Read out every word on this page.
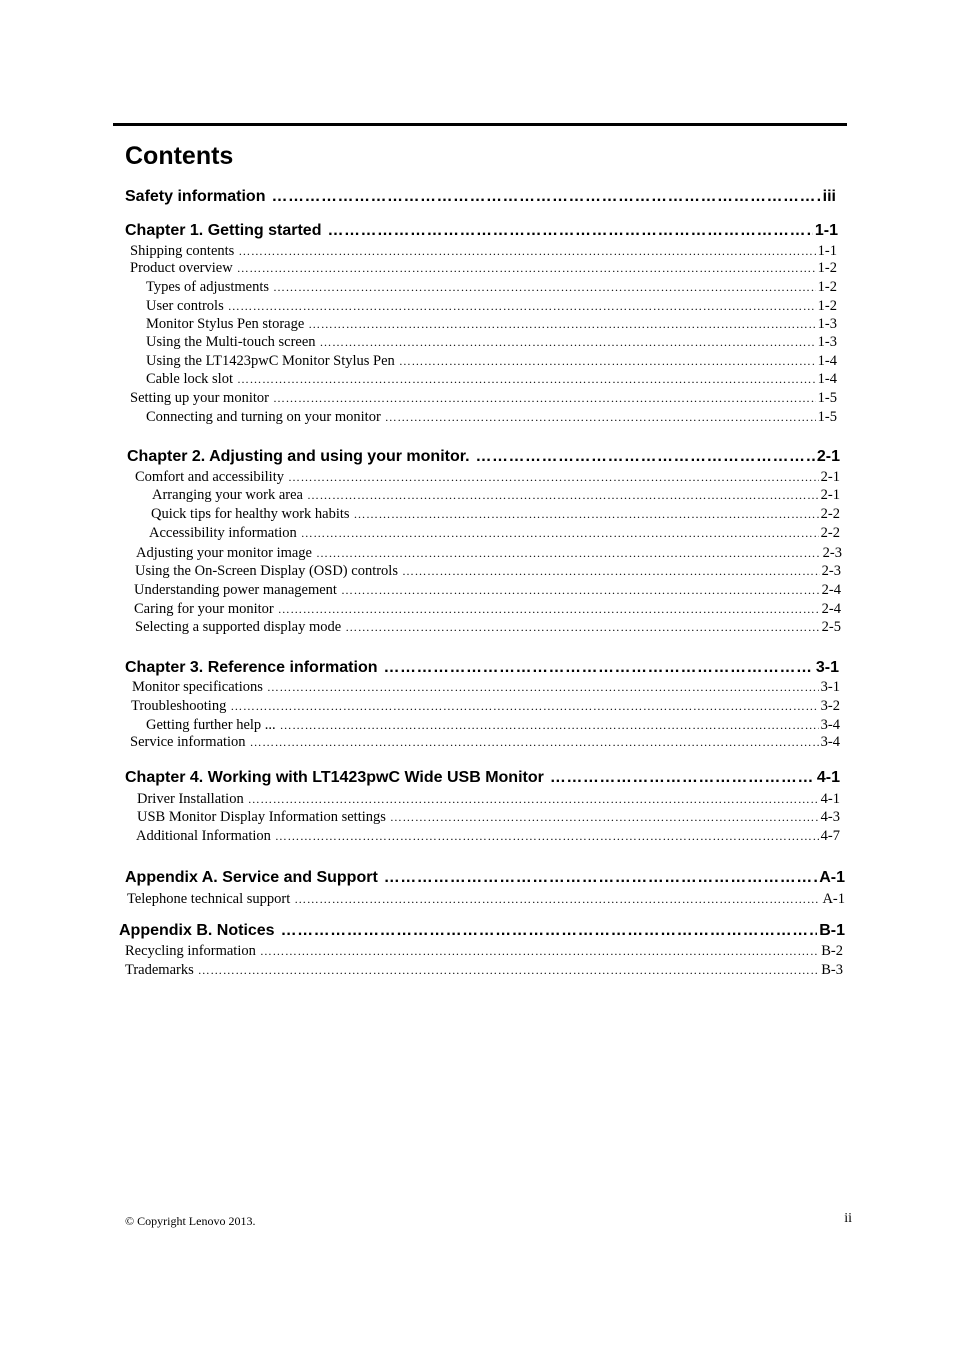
Contents
Safety information …………………………………………………………………………………………………………………………………………………………………………………………………………………………………………………………	iii
Chapter 1. Getting started …………………………………………………………………………………………………………………………………………………………………………………………………………………………………………………………	1-1
Shipping contents …………………………………………………………………………………………………………………………………………………………………………………………………………………………………………………………	1-1
Product overview …………………………………………………………………………………………………………………………………………………………………………………………………………………………………………………………	1-2
Types of adjustments …………………………………………………………………………………………………………………………………………………………………………………………………………………………………………………………	1-2
User controls …………………………………………………………………………………………………………………………………………………………………………………………………………………………………………………………	1-2
Monitor Stylus Pen storage …………………………………………………………………………………………………………………………………………………………………………………………………………………………………………………………	1-3
Using the Multi-touch screen …………………………………………………………………………………………………………………………………………………………………………………………………………………………………………………………	1-3
Using the LT1423pwC Monitor Stylus Pen …………………………………………………………………………………………………………………………………………………………………………………………………………………………………………………………	1-4
Cable lock slot …………………………………………………………………………………………………………………………………………………………………………………………………………………………………………………………	1-4
Setting up your monitor …………………………………………………………………………………………………………………………………………………………………………………………………………………………………………………………	1-5
Connecting and turning on your monitor …………………………………………………………………………………………………………………………………………………………………………………………………………………………………………………………	1-5
Chapter 2. Adjusting and using your monitor. …………………………………………………………………………………………………………………………………………………………………………………………………………………………………………………………	2-1
Comfort and accessibility …………………………………………………………………………………………………………………………………………………………………………………………………………………………………………………………	2-1
Arranging your work area …………………………………………………………………………………………………………………………………………………………………………………………………………………………………………………………	2-1
Quick tips for healthy work habits …………………………………………………………………………………………………………………………………………………………………………………………………………………………………………………………	2-2
Accessibility information …………………………………………………………………………………………………………………………………………………………………………………………………………………………………………………………	2-2
Adjusting your monitor image …………………………………………………………………………………………………………………………………………………………………………………………………………………………………………………………	2-3
Using the On-Screen Display (OSD) controls …………………………………………………………………………………………………………………………………………………………………………………………………………………………………………………………	2-3
Understanding power management …………………………………………………………………………………………………………………………………………………………………………………………………………………………………………………………	2-4
Caring for your monitor …………………………………………………………………………………………………………………………………………………………………………………………………………………………………………………………	2-4
Selecting a supported display mode …………………………………………………………………………………………………………………………………………………………………………………………………………………………………………………………	2-5
Chapter 3. Reference information …………………………………………………………………………………………………………………………………………………………………………………………………………………………………………………………	3-1
Monitor specifications …………………………………………………………………………………………………………………………………………………………………………………………………………………………………………………………	3-1
Troubleshooting …………………………………………………………………………………………………………………………………………………………………………………………………………………………………………………………	3-2
Getting further help ... …………………………………………………………………………………………………………………………………………………………………………………………………………………………………………………………	3-4
Service information …………………………………………………………………………………………………………………………………………………………………………………………………………………………………………………………	3-4
Chapter 4. Working with LT1423pwC Wide USB Monitor …………………………………………………………………………………………………………………………………………………………………………………………………………………………………………………………	4-1
Driver Installation …………………………………………………………………………………………………………………………………………………………………………………………………………………………………………………………	4-1
USB Monitor Display Information settings …………………………………………………………………………………………………………………………………………………………………………………………………………………………………………………………	4-3
Additional Information …………………………………………………………………………………………………………………………………………………………………………………………………………………………………………………………	4-7
Appendix A. Service and Support …………………………………………………………………………………………………………………………………………………………………………………………………………………………………………………………	A-1
Telephone technical support …………………………………………………………………………………………………………………………………………………………………………………………………………………………………………………………	A-1
Appendix B. Notices …………………………………………………………………………………………………………………………………………………………………………………………………………………………………………………………	B-1
Recycling information …………………………………………………………………………………………………………………………………………………………………………………………………………………………………………………………	B-2
Trademarks …………………………………………………………………………………………………………………………………………………………………………………………………………………………………………………………	B-3
© Copyright Lenovo 2013.	ii
